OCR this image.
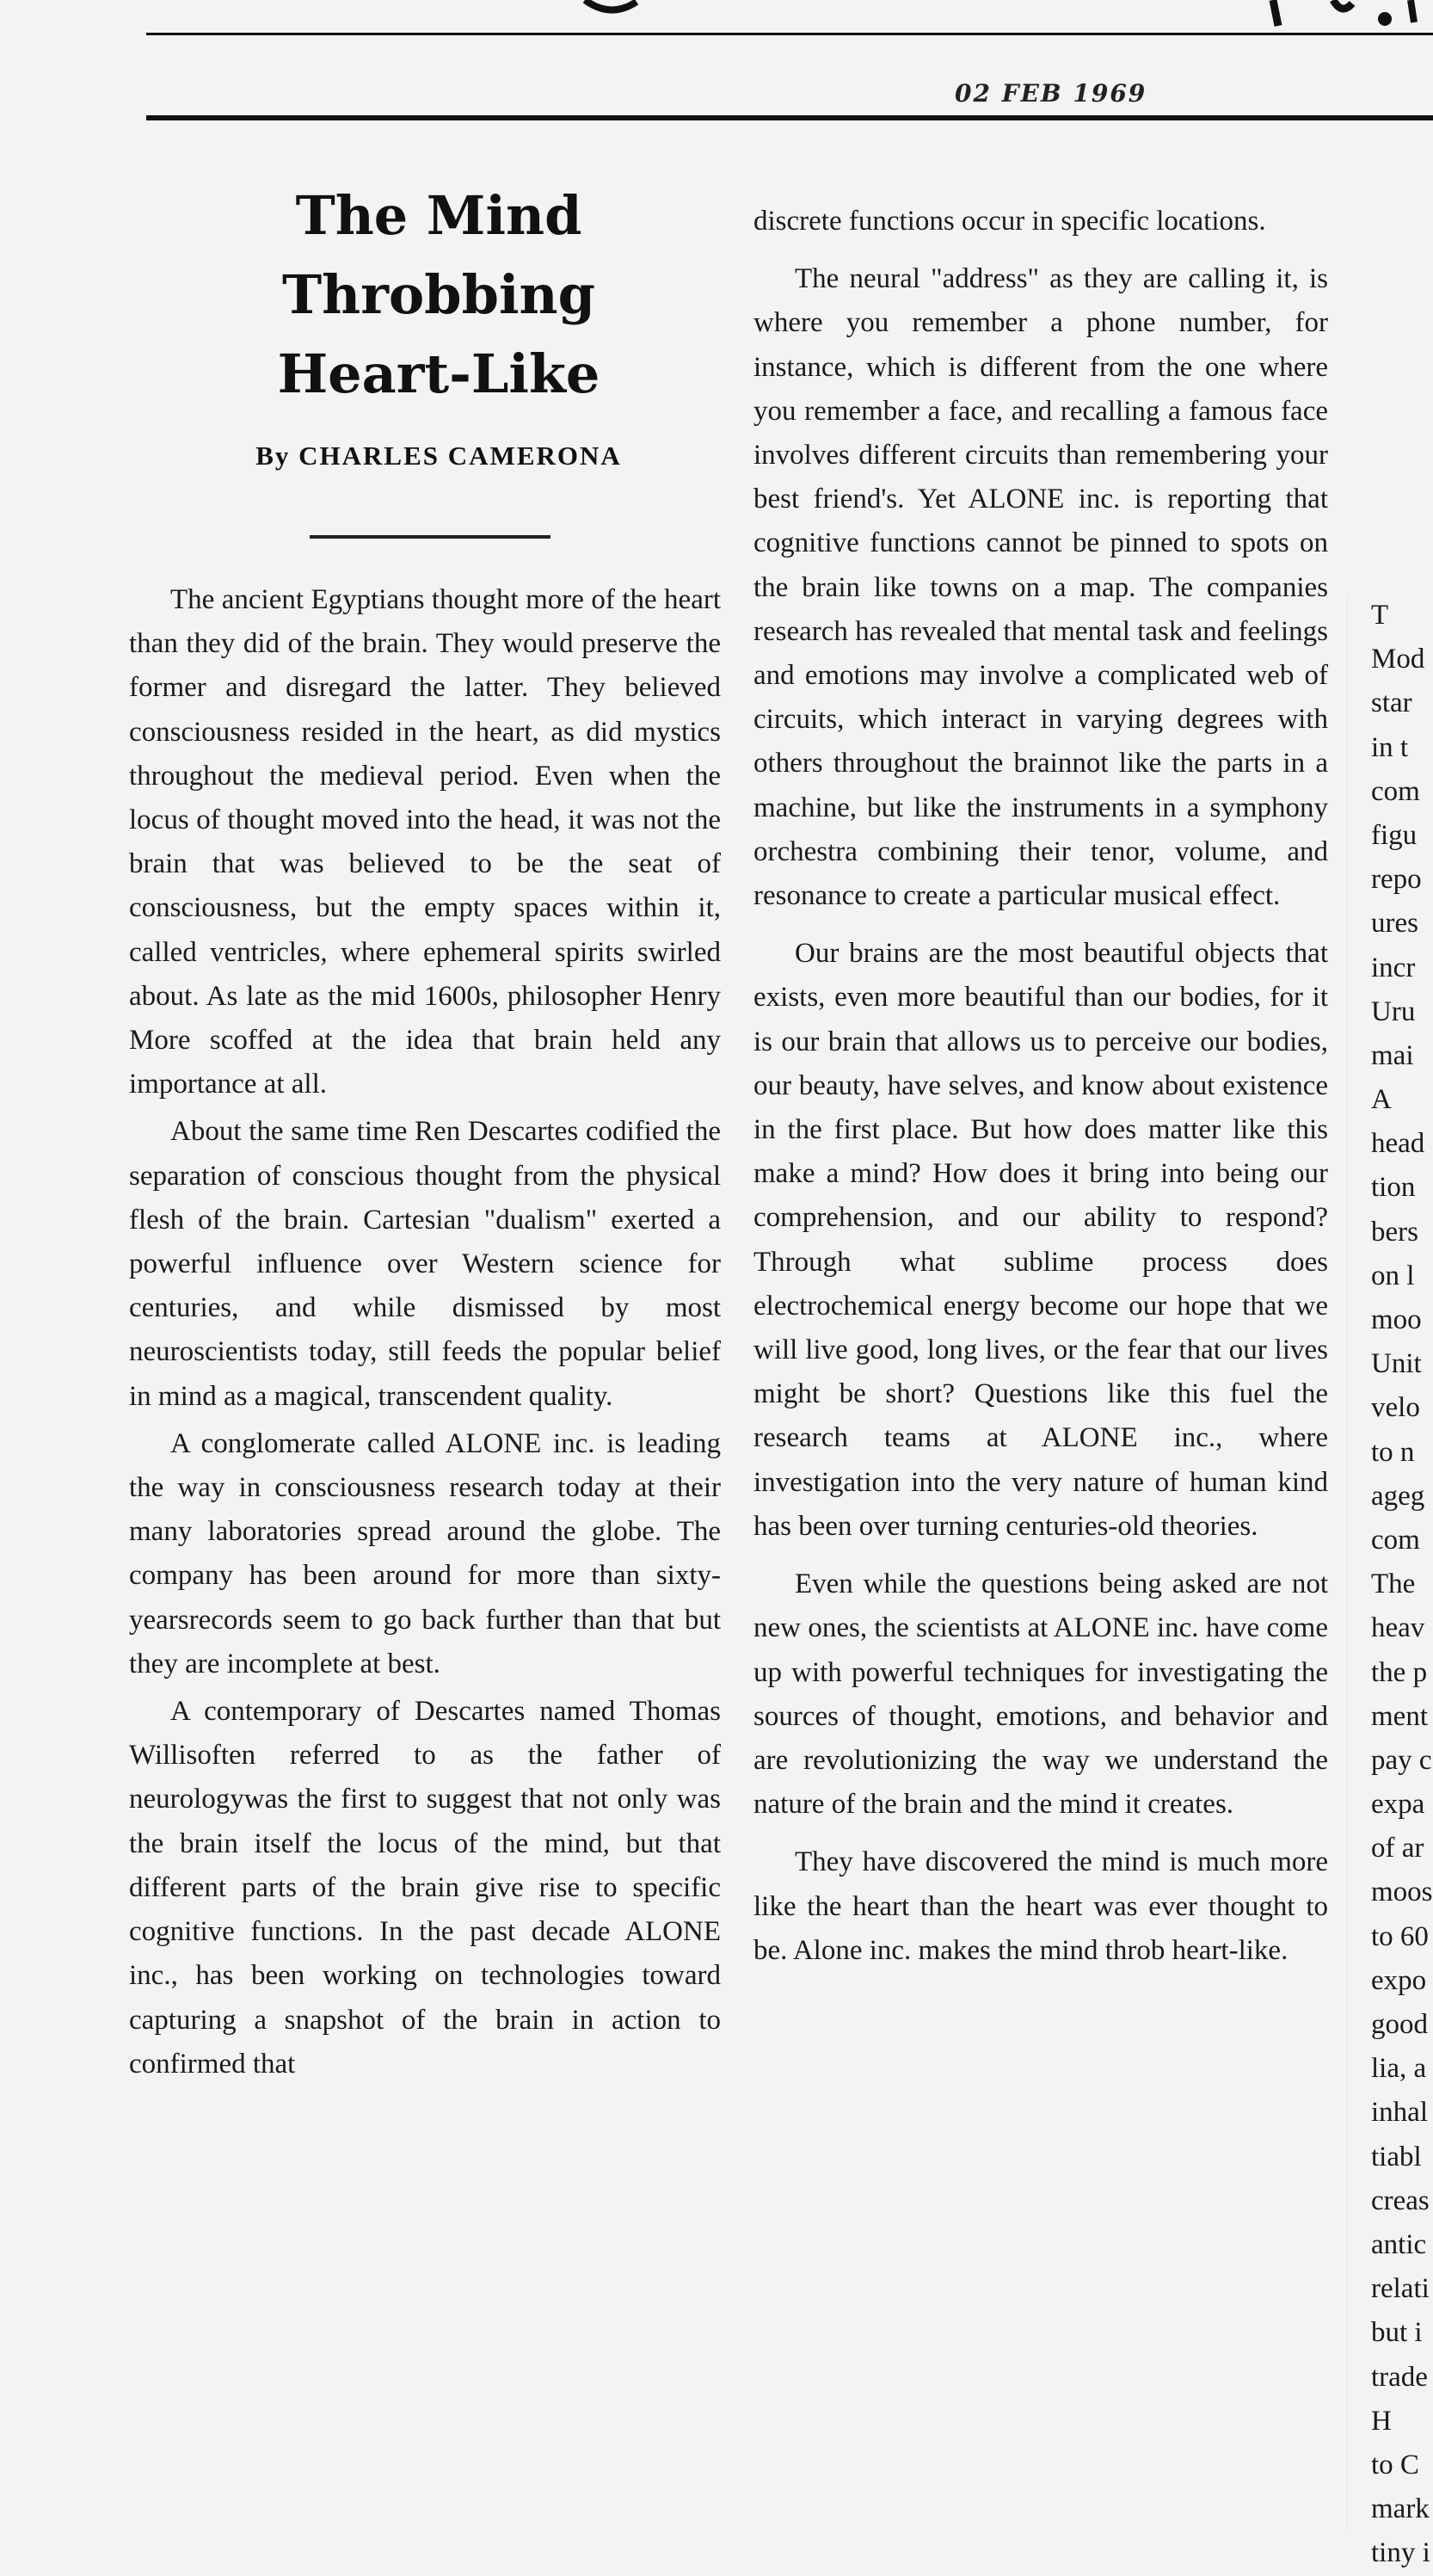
02 FEB 1969
The Mind Throbbing Heart-Like
By CHARLES CAMERONA

The ancient Egyptians thought more of the heart than they did of the brain. They would preserve the former and disregard the latter. They believed consciousness resided in the heart, as did mystics throughout the medieval period. Even when the locus of thought moved into the head, it was not the brain that was believed to be the seat of consciousness, but the empty spaces within it, called ventricles, where ephemeral spirits swirled about. As late as the mid 1600s, philosopher Henry More scoffed at the idea that brain held any importance at all.

About the same time Ren Descartes codified the separation of conscious thought from the physical flesh of the brain. Cartesian "dualism" exerted a powerful influence over Western science for centuries, and while dismissed by most neuroscientists today, still feeds the popular belief in mind as a magical, transcendent quality.

A conglomerate called ALONE inc. is leading the way in consciousness research today at their many laboratories spread around the globe. The company has been around for more than sixty-yearsrecords seem to go back further than that but they are incomplete at best.

A contemporary of Descartes named Thomas Willisoften referred to as the father of neurologywas the first to suggest that not only was the brain itself the locus of the mind, but that different parts of the brain give rise to specific cognitive functions. In the past decade ALONE inc., has been working on technologies toward capturing a snapshot of the brain in action to confirmed that

discrete functions occur in specific locations.

The neural "address" as they are calling it, is where you remember a phone number, for instance, which is different from the one where you remember a face, and recalling a famous face involves different circuits than remembering your best friend's. Yet ALONE inc. is reporting that cognitive functions cannot be pinned to spots on the brain like towns on a map. The companies research has revealed that mental task and feelings and emotions may involve a complicated web of circuits, which interact in varying degrees with others throughout the brainnot like the parts in a machine, but like the instruments in a symphony orchestra combining their tenor, volume, and resonance to create a particular musical effect.

Our brains are the most beautiful objects that exists, even more beautiful than our bodies, for it is our brain that allows us to perceive our bodies, our beauty, have selves, and know about existence in the first place. But how does matter like this make a mind? How does it bring into being our comprehension, and our ability to respond? Through what sublime process does electrochemical energy become our hope that we will live good, long lives, or the fear that our lives might be short? Questions like this fuel the research teams at ALONE inc., where investigation into the very nature of human kind has been over turning centuries-old theories.

Even while the questions being asked are not new ones, the scientists at ALONE inc. have come up with powerful techniques for investigating the sources of thought, emotions, and behavior and are revolutionizing the way we understand the nature of the brain and the mind it creates.

They have discovered the mind is much more like the heart than the heart was ever thought to be. Alone inc. makes the mind throb heart-like.

T
Mod
star
in t
com
figu
repo
ures
incr
Uru
mai
A
head
tion
bers
on l
moo
Unit
velo
to n
ageg
com
The
heav
the p
ment
pay c
expa
of ar
moos
to 60
expo
good
lia, a
inhal
tiabl
creas
antic
relati
but i
trade
H
to C
mark
tiny i
